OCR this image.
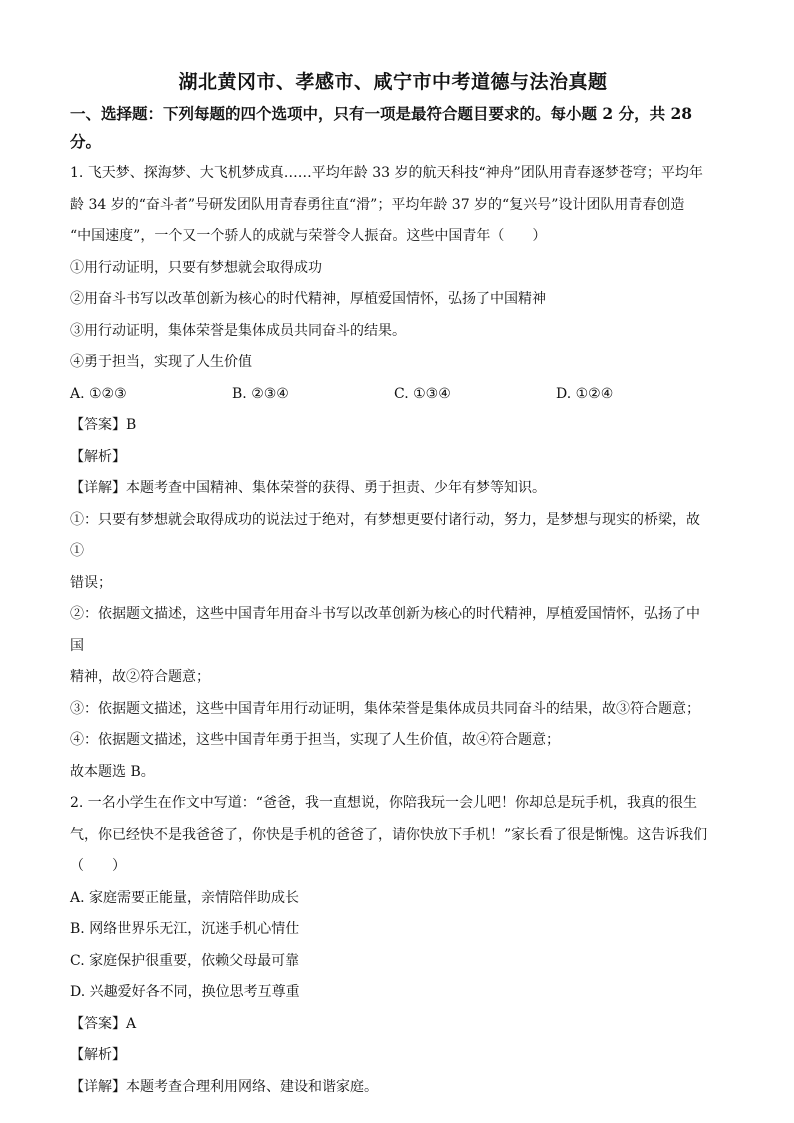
湖北黄冈市、孝感市、咸宁市中考道德与法治真题
一、选择题：下列每题的四个选项中，只有一项是最符合题目要求的。每小题 2 分，共 28 分。
1. 飞天梦、探海梦、大飞机梦成真……平均年龄 33 岁的航天科技“神舟”团队用青春逐梦苍穹；平均年
龄 34 岁的“奋斗者”号研发团队用青春勇往直“滑”；平均年龄 37 岁的“复兴号”设计团队用青春创造
“中国速度”，一个又一个骄人的成就与荣誉令人振奋。这些中国青年（　　）
①用行动证明，只要有梦想就会取得成功
②用奋斗书写以改革创新为核心的时代精神，厚植爱国情怀，弘扬了中国精神
③用行动证明，集体荣誉是集体成员共同奋斗的结果。
④勇于担当，实现了人生价值
A. ①②③	B. ②③④	C. ①③④	D. ①②④
【答案】B
【解析】
【详解】本题考查中国精神、集体荣誉的获得、勇于担责、少年有梦等知识。
①：只要有梦想就会取得成功的说法过于绝对，有梦想更要付诸行动，努力，是梦想与现实的桥梁，故①
错误；
②：依据题文描述，这些中国青年用奋斗书写以改革创新为核心的时代精神，厚植爱国情怀，弘扬了中国
精神，故②符合题意；
③：依据题文描述，这些中国青年用行动证明，集体荣誉是集体成员共同奋斗的结果，故③符合题意；
④：依据题文描述，这些中国青年勇于担当，实现了人生价值，故④符合题意；
故本题选 B。
2. 一名小学生在作文中写道：“爸爸，我一直想说，你陪我玩一会儿吧！你却总是玩手机，我真的很生
气，你已经快不是我爸爸了，你快是手机的爸爸了，请你快放下手机！”家长看了很是惭愧。这告诉我们
（　　）
A. 家庭需要正能量，亲情陪伴助成长
B. 网络世界乐无江，沉迷手机心情仕
C. 家庭保护很重要，依赖父母最可靠
D. 兴趣爱好各不同，换位思考互尊重
【答案】A
【解析】
【详解】本题考查合理利用网络、建设和谐家庭。
